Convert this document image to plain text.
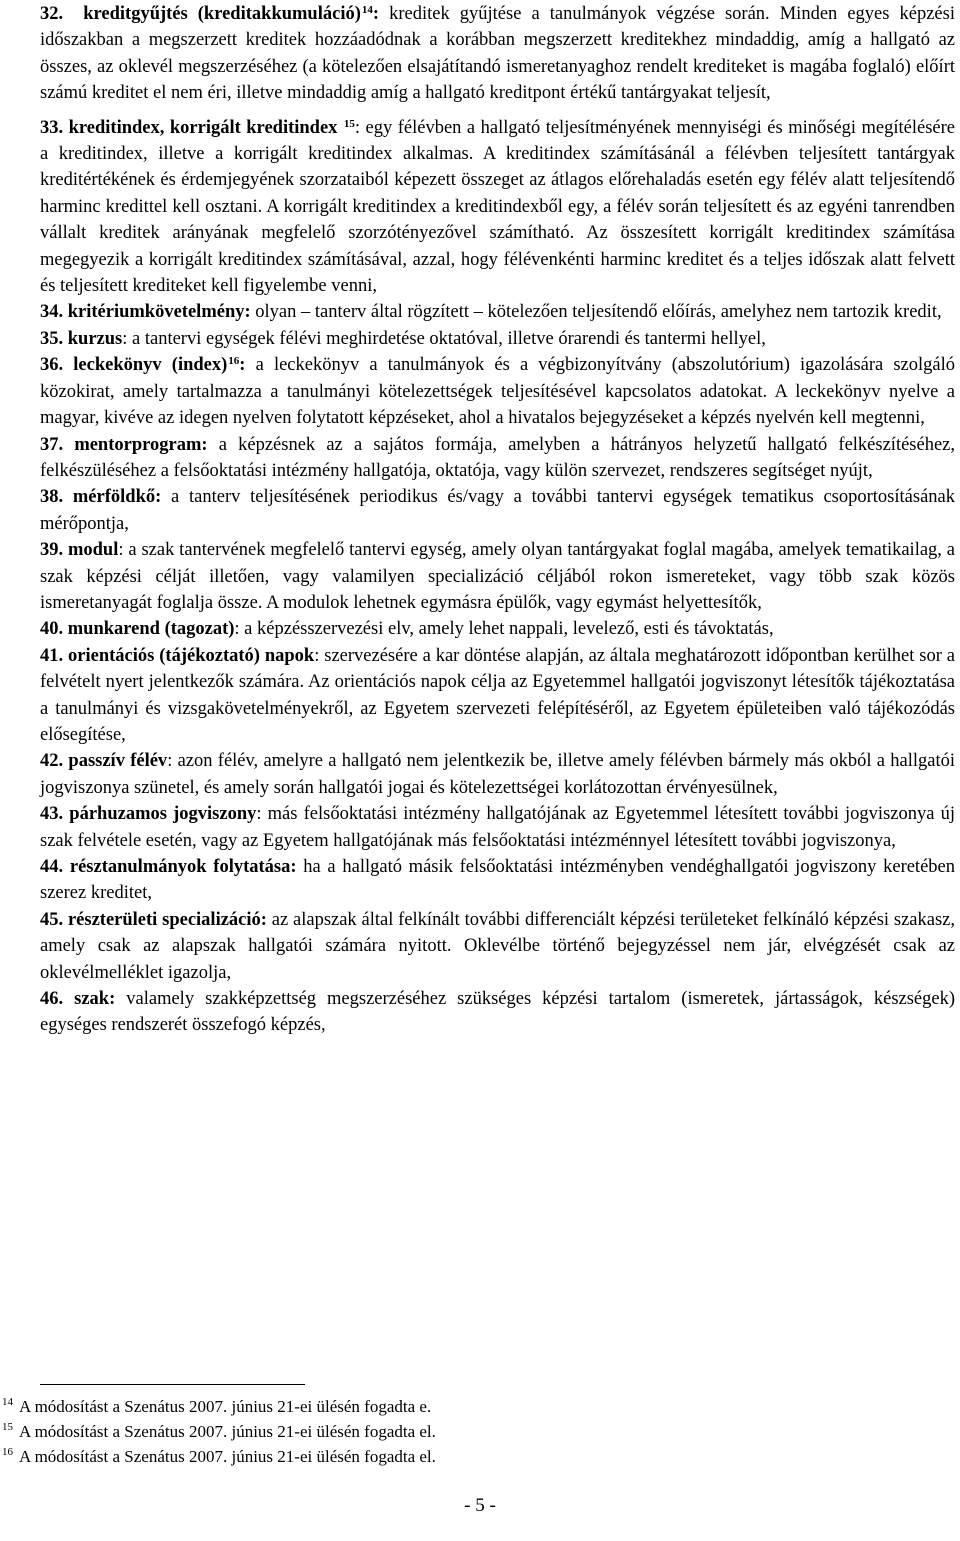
32. kreditgyűjtés (kreditakkumuláció)$^{14}$: kreditek gyűjtése a tanulmányok végzése során. Minden egyes képzési időszakban a megszerzett kreditek hozzáadódnak a korábban megszerzett kreditekhez mindaddig, amíg a hallgató az összes, az oklevél megszerzéséhez (a kötelezően elsajátítandó ismeretanyaghoz rendelt krediteket is magába foglaló) előírt számú kreditet el nem éri, illetve mindaddig amíg a hallgató kreditpont értékű tantárgyakat teljesít,

33. kreditindex, korrigált kreditindex $^{15}$: egy félévben a hallgató teljesítményének mennyiségi és minőségi megítélésére a kreditindex, illetve a korrigált kreditindex alkalmas. A kreditindex számításánál a félévben teljesített tantárgyak kreditértékének és érdemjegyének szorzataiból képezett összeget az átlagos előrehaladás esetén egy félév alatt teljesítendő harminc kredittel kell osztani. A korrigált kreditindex a kreditindexből egy, a félév során teljesített és az egyéni tanrendben vállalt kreditek arányának megfelelő szorzótényezővel számítható. Az összesített korrigált kreditindex számítása megegyezik a korrigált kreditindex számításával, azzal, hogy félévenkénti harminc kreditet és a teljes időszak alatt felvett és teljesített krediteket kell figyelembe venni,

34. kritériumkövetelmény: olyan – tanterv által rögzített – kötelezően teljesítendő előírás, amelyhez nem tartozik kredit,

35. kurzus: a tantervi egységek félévi meghirdetése oktatóval, illetve órarendi és tantermi hellyel,

36. leckekönyv (index)$^{16}$: a leckekönyv a tanulmányok és a végbizonyítvány (abszolutórium) igazolására szolgáló közokirat, amely tartalmazza a tanulmányi kötelezettségek teljesítésével kapcsolatos adatokat. A leckekönyv nyelve a magyar, kivéve az idegen nyelven folytatott képzéseket, ahol a hivatalos bejegyzéseket a képzés nyelvén kell megtenni,

37. mentorprogram: a képzésnek az a sajátos formája, amelyben a hátrányos helyzetű hallgató felkészítéséhez, felkészüléséhez a felsőoktatási intézmény hallgatója, oktatója, vagy külön szervezet, rendszeres segítséget nyújt,

38. mérföldkő: a tanterv teljesítésének periodikus és/vagy a további tantervi egységek tematikus csoportosításának mérőpontja,

39. modul: a szak tantervének megfelelő tantervi egység, amely olyan tantárgyakat foglal magába, amelyek tematikailag, a szak képzési célját illetően, vagy valamilyen specializáció céljából rokon ismereteket, vagy több szak közös ismeretanyagát foglalja össze. A modulok lehetnek egymásra épülők, vagy egymást helyettesítők,

40. munkarend (tagozat): a képzésszervezési elv, amely lehet nappali, levelező, esti és távoktatás,

41. orientációs (tájékoztató) napok: szervezésére a kar döntése alapján, az általa meghatározott időpontban kerülhet sor a felvételt nyert jelentkezők számára. Az orientációs napok célja az Egyetemmel hallgatói jogviszonyt létesítők tájékoztatása a tanulmányi és vizsgakövetelményekről, az Egyetem szervezeti felépítéséről, az Egyetem épületeiben való tájékozódás elősegítése,

42. passzív félév: azon félév, amelyre a hallgató nem jelentkezik be, illetve amely félévben bármely más okból a hallgatói jogviszonya szünetel, és amely során hallgatói jogai és kötelezettségei korlátozottan érvényesülnek,

43. párhuzamos jogviszony: más felsőoktatási intézmény hallgatójának az Egyetemmel létesített további jogviszonya új szak felvétele esetén, vagy az Egyetem hallgatójának más felsőoktatási intézménnyel létesített további jogviszonya,

44. résztanulmányok folytatása: ha a hallgató másik felsőoktatási intézményben vendéghallgatói jogviszony keretében szerez kreditet,

45. részterületi specializáció: az alapszak által felkínált további differenciált képzési területeket felkínáló képzési szakasz, amely csak az alapszak hallgatói számára nyitott. Oklevélbe történő bejegyzéssel nem jár, elvégzését csak az oklevélmelléklet igazolja,

46. szak: valamely szakképzettség megszerzéséhez szükséges képzési tartalom (ismeretek, jártasságok, készségek) egységes rendszerét összefogó képzés,

$^{14}$ A módosítást a Szenátus 2007. június 21-ei ülésén fogadta e.

$^{15}$ A módosítást a Szenátus 2007. június 21-ei ülésén fogadta el.

$^{16}$ A módosítást a Szenátus 2007. június 21-ei ülésén fogadta el.

- 5 -
